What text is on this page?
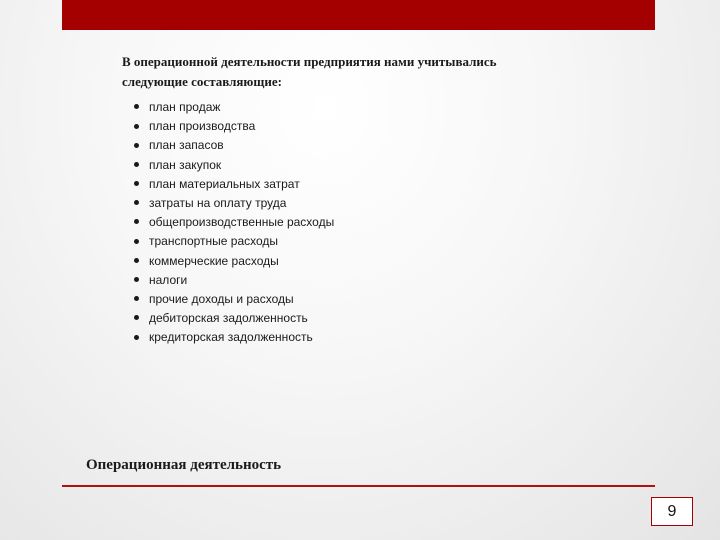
В операционной деятельности предприятия нами учитывались
следующие составляющие:
план продаж
план производства
план запасов
план закупок
план материальных затрат
затраты на оплату труда
общепроизводственные расходы
транспортные расходы
коммерческие расходы
налоги
прочие доходы и расходы
дебиторская задолженность
кредиторская задолженность
Операционная деятельность
9
